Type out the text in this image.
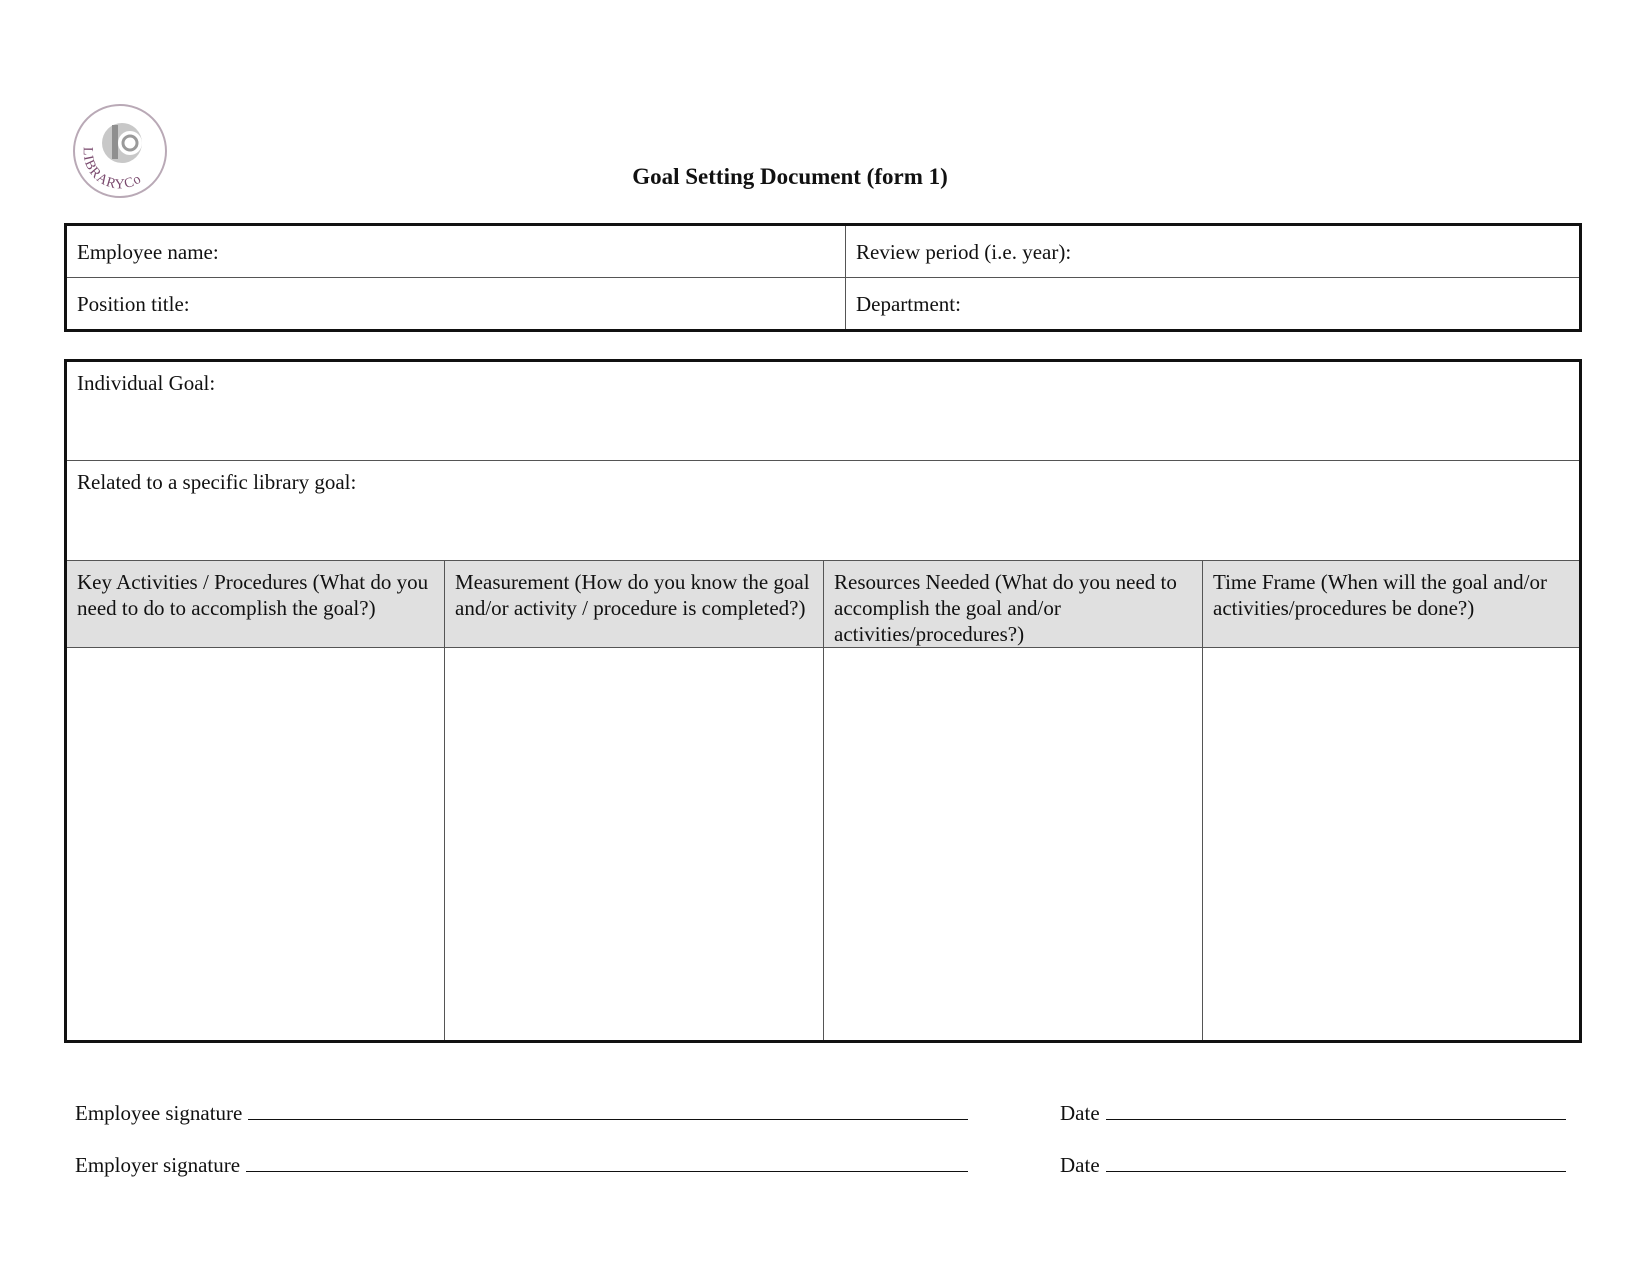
LIBRARYCo	Goal Setting Document (form 1)
Employee name:	Review period (i.e. year):
Position title:	Department:
Individual Goal:			
Related to a specific library goal:			
Key Activities / Procedures (What do you need to do to accomplish the goal?)	Measurement (How do you know the goal and/or activity / procedure is completed?)	Resources Needed (What do you need to accomplish the goal and/or activities/procedures?)	Time Frame (When will the goal and/or activities/procedures be done?)

Employee signature	Date
Employer signature	Date
